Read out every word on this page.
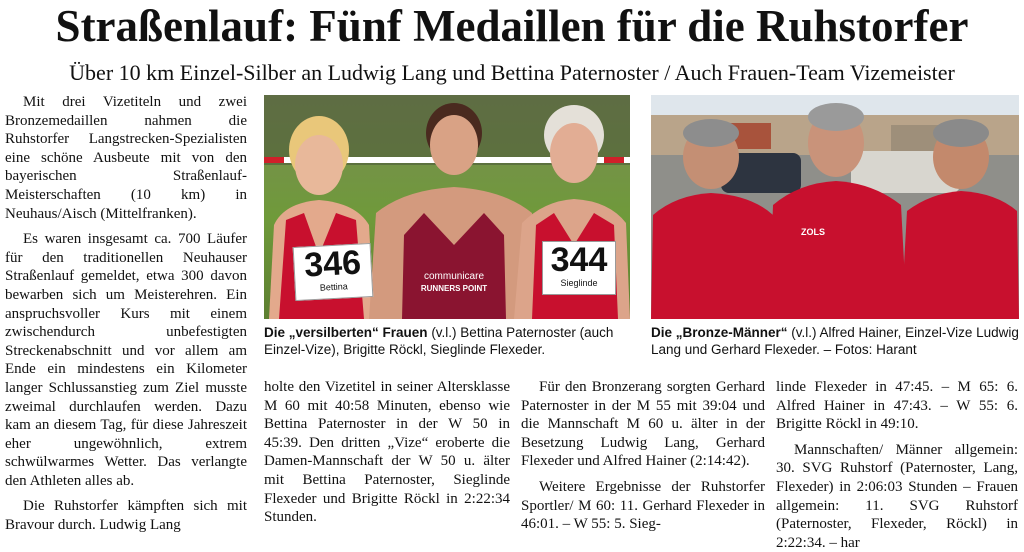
Straßenlauf: Fünf Medaillen für die Ruhstorfer
Über 10 km Einzel-Silber an Ludwig Lang und Bettina Paternoster / Auch Frauen-Team Vizemeister

Mit drei Vizetiteln und zwei Bronzemedaillen nahmen die Ruhstorfer Langstrecken-Spezialisten eine schöne Ausbeute mit von den bayerischen Straßenlauf-Meisterschaften (10 km) in Neuhaus/Aisch (Mittelfranken).

Es waren insgesamt ca. 700 Läufer für den traditionellen Neuhauser Straßenlauf gemeldet, etwa 300 davon bewarben sich um Meisterehren. Ein anspruchsvoller Kurs mit einem zwischendurch unbefestigten Streckenabschnitt und vor allem am Ende ein mindestens ein Kilometer langer Schlussanstieg zum Ziel musste zweimal durchlaufen werden. Dazu kam an diesem Tag, für diese Jahreszeit eher ungewöhnlich, extrem schwülwarmes Wetter. Das verlangte den Athleten alles ab.

Die Ruhstorfer kämpften sich mit Bravour durch. Ludwig Lang

communicare
RUNNERS POINT
346
Bettina
344
Sieglinde
ZOLS
Die „versilberten“ Frauen (v.l.) Bettina Paternoster (auch Einzel-Vize), Brigitte Röckl, Sieglinde Flexeder.
Die „Bronze-Männer“ (v.l.) Alfred Hainer, Einzel-Vize Ludwig Lang und Gerhard Flexeder. – Fotos: Harant

holte den Vizetitel in seiner Altersklasse M 60 mit 40:58 Minuten, ebenso wie Bettina Paternoster in der W 50 in 45:39. Den dritten „Vize“ eroberte die Damen-Mannschaft der W 50 u. älter mit Bettina Paternoster, Sieglinde Flexeder und Brigitte Röckl in 2:22:34 Stunden.

Für den Bronzerang sorgten Gerhard Paternoster in der M 55 mit 39:04 und die Mannschaft M 60 u. älter in der Besetzung Ludwig Lang, Gerhard Flexeder und Alfred Hainer (2:14:42).

Weitere Ergebnisse der Ruhstorfer Sportler/ M 60: 11. Gerhard Flexeder in 46:01. – W 55: 5. Sieg-

linde Flexeder in 47:45. – M 65: 6. Alfred Hainer in 47:43. – W 55: 6. Brigitte Röckl in 49:10.

Mannschaften/ Männer allgemein: 30. SVG Ruhstorf (Paternoster, Lang, Flexeder) in 2:06:03 Stunden – Frauen allgemein: 11. SVG Ruhstorf (Paternoster, Flexeder, Röckl) in 2:22:34. – har
